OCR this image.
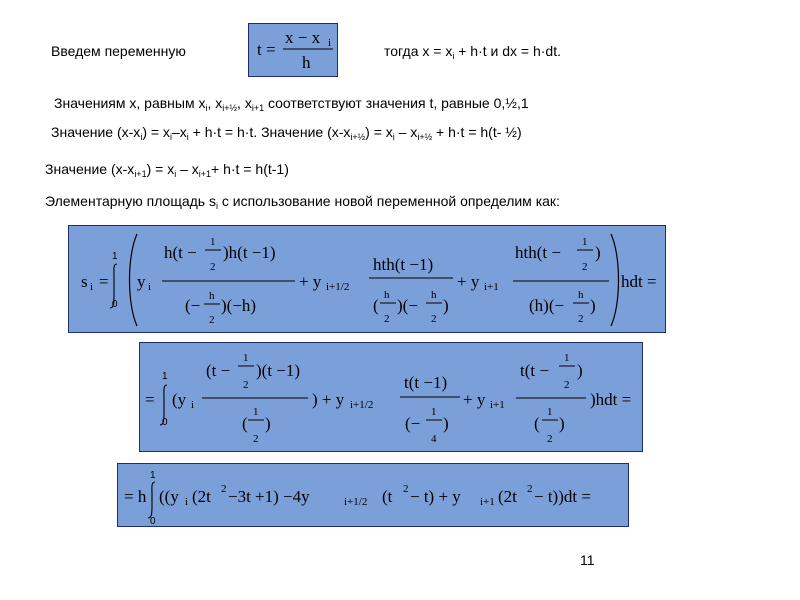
Введем переменную	t =
x − x i
h
тогда $x = x_i + h\cdot t$ и dx = h·dt.
Значениям x, равным $x_i$, $x_{i+\frac{1}{2}}$, $x_{i+1}$ соответствуют значения t, равные 0,½,1
Значение $(x-x_i) = x_i-x_i + h\cdot t = h\cdot t$. Значение $(x-x_{i+\frac{1}{2}}) = x_i - x_{i+\frac{1}{2}} + h\cdot t = h(t-$ ½)
Значение $(x-x_{i+1}) = x_i - x_{i+1}+ h\cdot t = h(t-1)$
Элементарную площадь $s_i$ с использование новой переменной определим как:
s i =
1
0
y i
h(t −
1
2
)h(t −1)
(− h
2
)(−h)
+ y i+1/2
hth(t −1)
(
h
2
)(−
h
2
)
+ y i+1
hth(t −
1
2
)
(h)(−
h
2
)
hdt =
=
1
0
(y i
(t −
1
2
)(t −1)
(
1
2
)
) + y i+1/2
t(t −1)
(−
1
4
)
+ y i+1
t(t −
1
2
)
(
1
2
)
)hdt =
= h
1
0
((y i (2t 2 −3t +1) −4y	i+1/2 (t 2 − t) + y i+1 (2t 2 − t))dt =
11
